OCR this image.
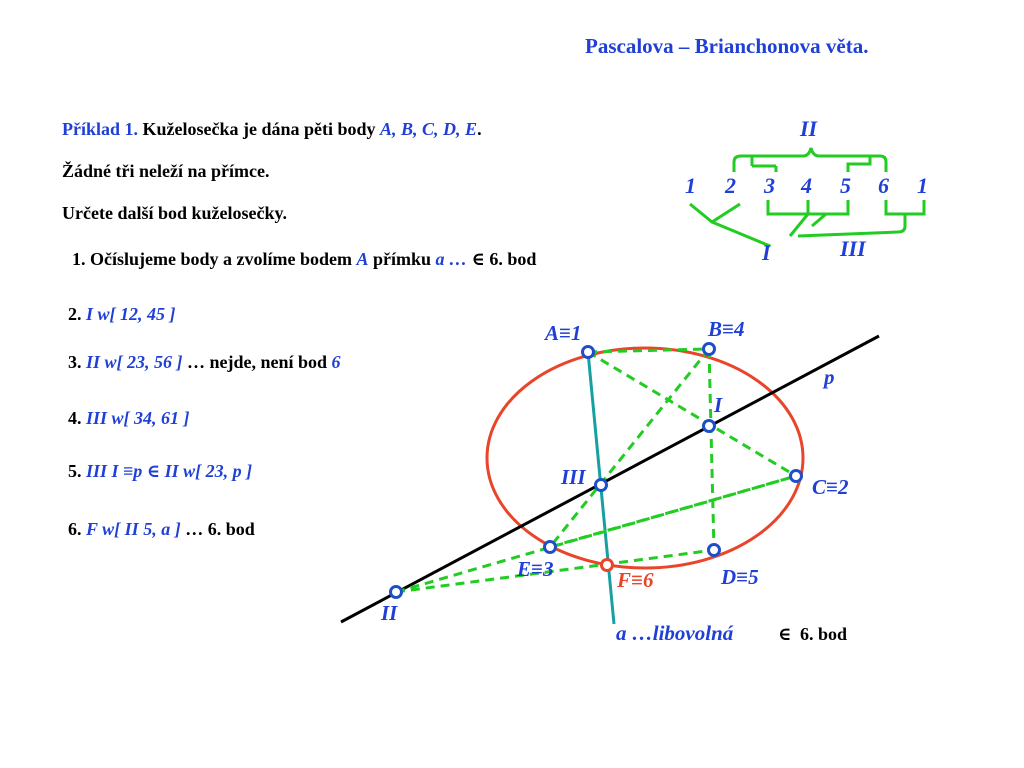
Pascalova – Brianchonova věta.
Příklad 1. Kuželosečka je dána pěti body A, B, C, D, E.
Žádné tři neleží na přímce.
Určete další bod kuželosečky.
1. Očíslujeme body a zvolíme bodem A přímku a … ∈ 6. bod
2. I w[ 12, 45 ]
3. II w[ 23, 56 ] … nejde, není bod 6
4. III w[ 34, 61 ]
5. III I ≡p ∈ II w[ 23, p ]
6. F w[ II 5, a ] … 6. bod
II
1 2 3 4 5 6 1
I	III
A≡1	B≡4
I
p
C≡2
III
E≡3	F≡6	D≡5
II
a …libovolná ∈ 6. bod
